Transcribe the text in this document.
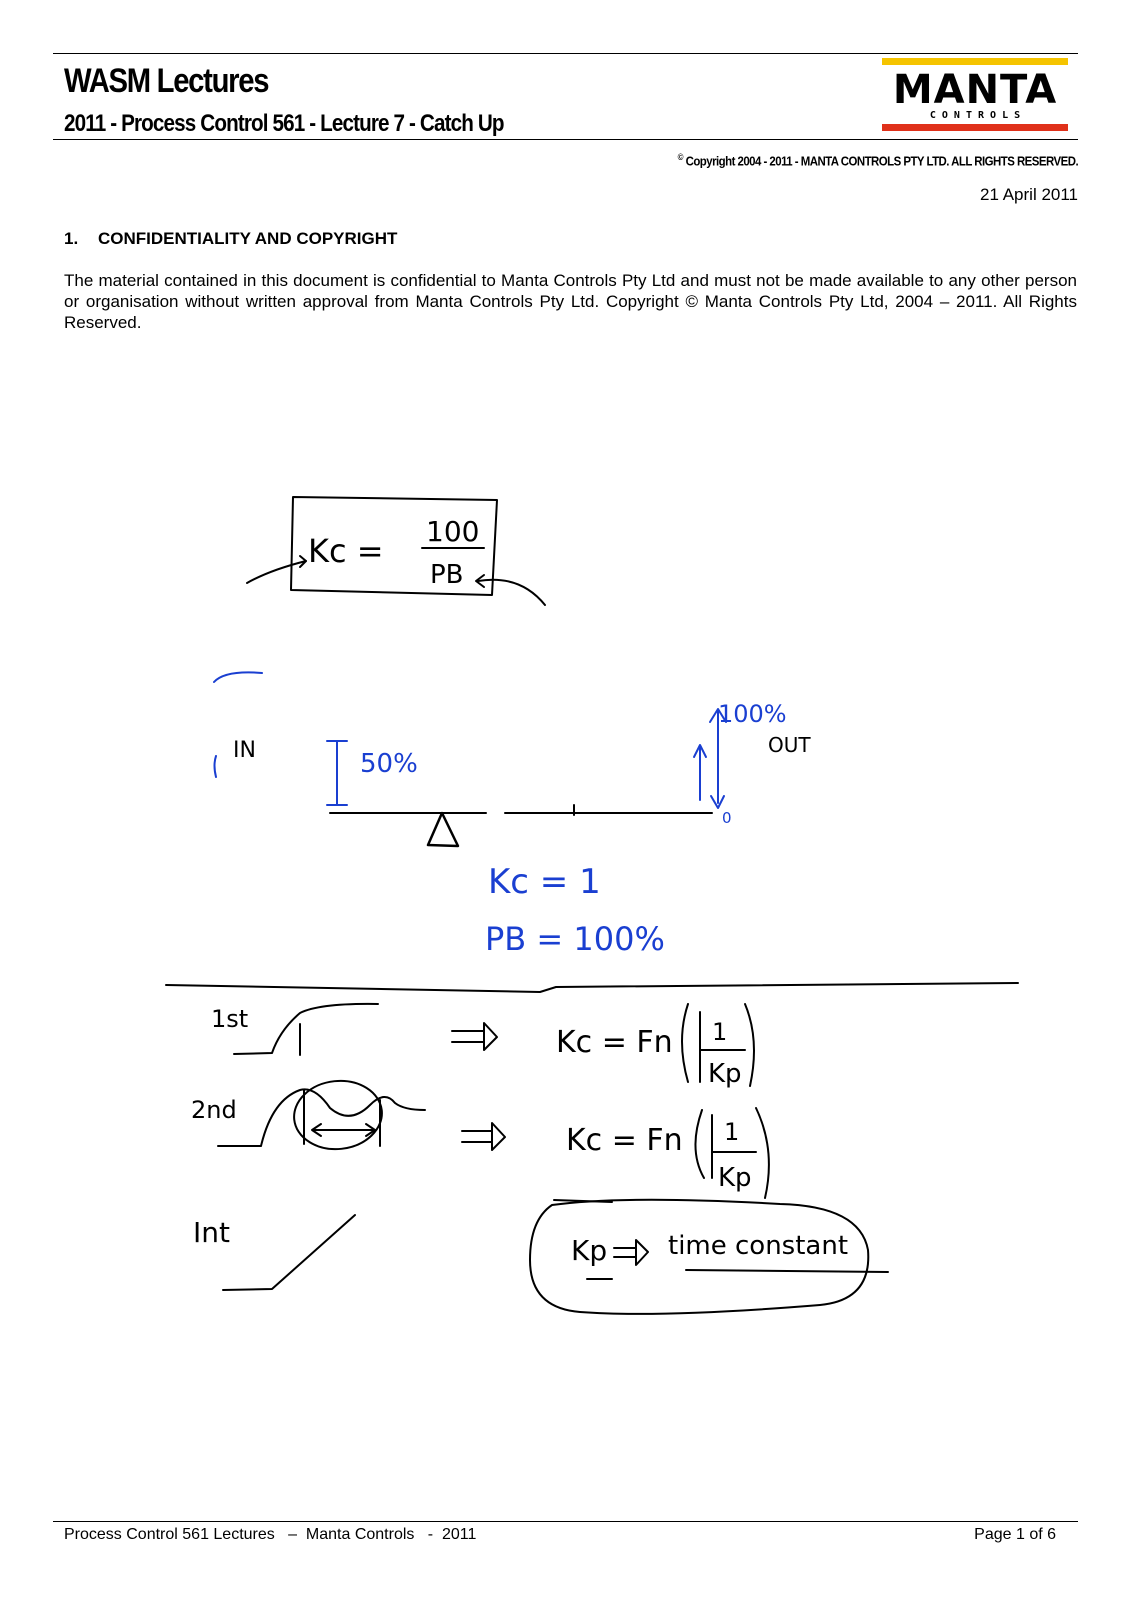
WASM Lectures
2011 - Process Control 561 - Lecture 7 - Catch Up
MANTA
C O N T R O L S
© Copyright 2004 - 2011 - MANTA CONTROLS PTY LTD. ALL RIGHTS RESERVED.
21 April 2011
1. CONFIDENTIALITY AND COPYRIGHT
The material contained in this document is confidential to Manta Controls Pty Ltd and must not be made available to any other person or organisation without written approval from Manta Controls Pty Ltd. Copyright © Manta Controls Pty Ltd, 2004 – 2011. All Rights Reserved.
Kc =
100
PB
IN	50%
100%
OUT
0
Kc = 1
PB = 100%
1st
Kc = Fn 1
Kp
2nd
Kc = Fn 1
Kp
Int
Kp time constant
Process Control 561 Lectures   –  Manta Controls   -  2011	Page 1 of 6
